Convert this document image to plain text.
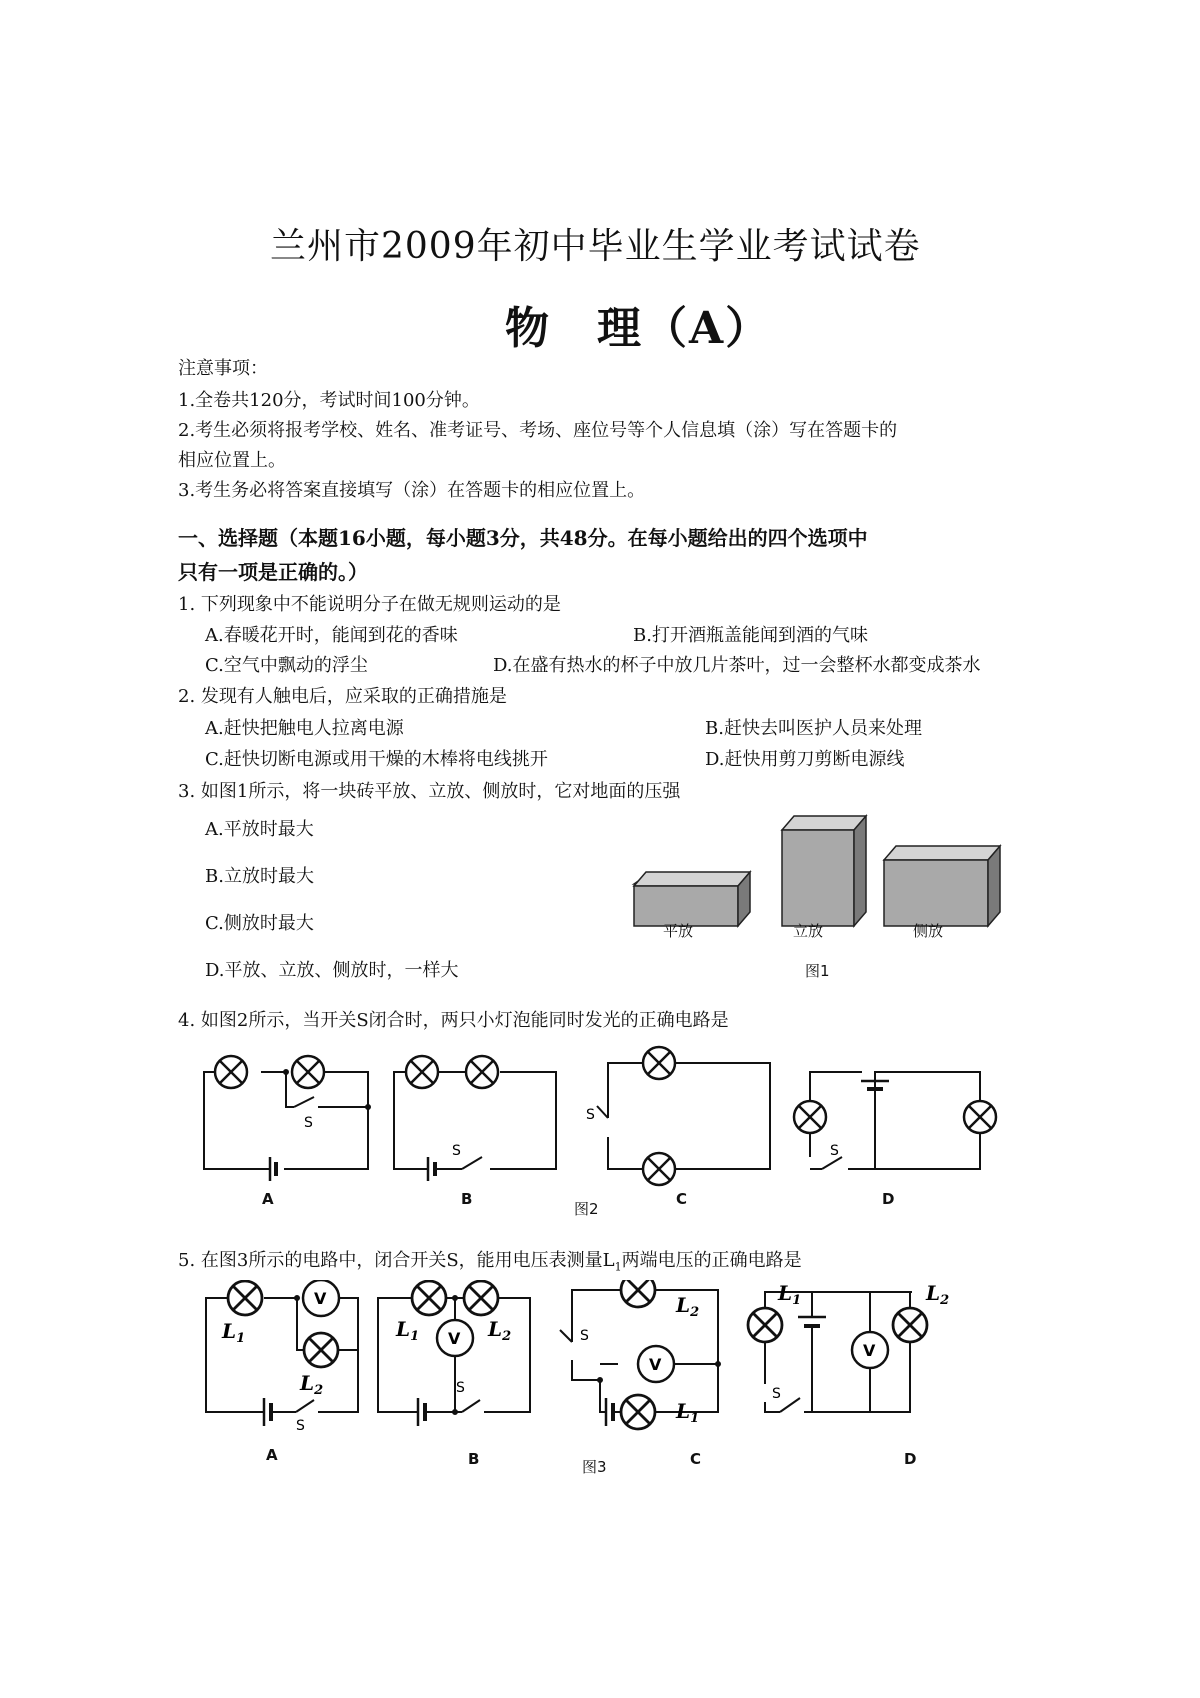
兰州市2009年初中毕业生学业考试试卷
物　理（A）
注意事项：
1.全卷共120分，考试时间100分钟。
2.考生必须将报考学校、姓名、准考证号、考场、座位号等个人信息填（涂）写在答题卡的
相应位置上。
3.考生务必将答案直接填写（涂）在答题卡的相应位置上。
一、选择题（本题16小题，每小题3分，共48分。在每小题给出的四个选项中
只有一项是正确的。）
1. 下列现象中不能说明分子在做无规则运动的是
A.春暖花开时，能闻到花的香味	B.打开酒瓶盖能闻到酒的气味
C.空气中飘动的浮尘	D.在盛有热水的杯子中放几片茶叶，过一会整杯水都变成茶水
2. 发现有人触电后，应采取的正确措施是
A.赶快把触电人拉离电源	B.赶快去叫医护人员来处理
C.赶快切断电源或用干燥的木棒将电线挑开	D.赶快用剪刀剪断电源线
3. 如图1所示，将一块砖平放、立放、侧放时，它对地面的压强
A.平放时最大
B.立放时最大
C.侧放时最大
D.平放、立放、侧放时，一样大
平放	立放	侧放
图1
4. 如图2所示，当开关S闭合时，两只小灯泡能同时发光的正确电路是
S
S
S
S
A	B	C	D
图2
5. 在图3所示的电路中，闭合开关S，能用电压表测量$L_1$两端电压的正确电路是
V
V
V
V
$L_1$
$L_2$
$L_1$	$L_2$
$L_2$
$L_1$
$L_1$	$L_2$
S
S
S
S
A	B	C	D
图3
